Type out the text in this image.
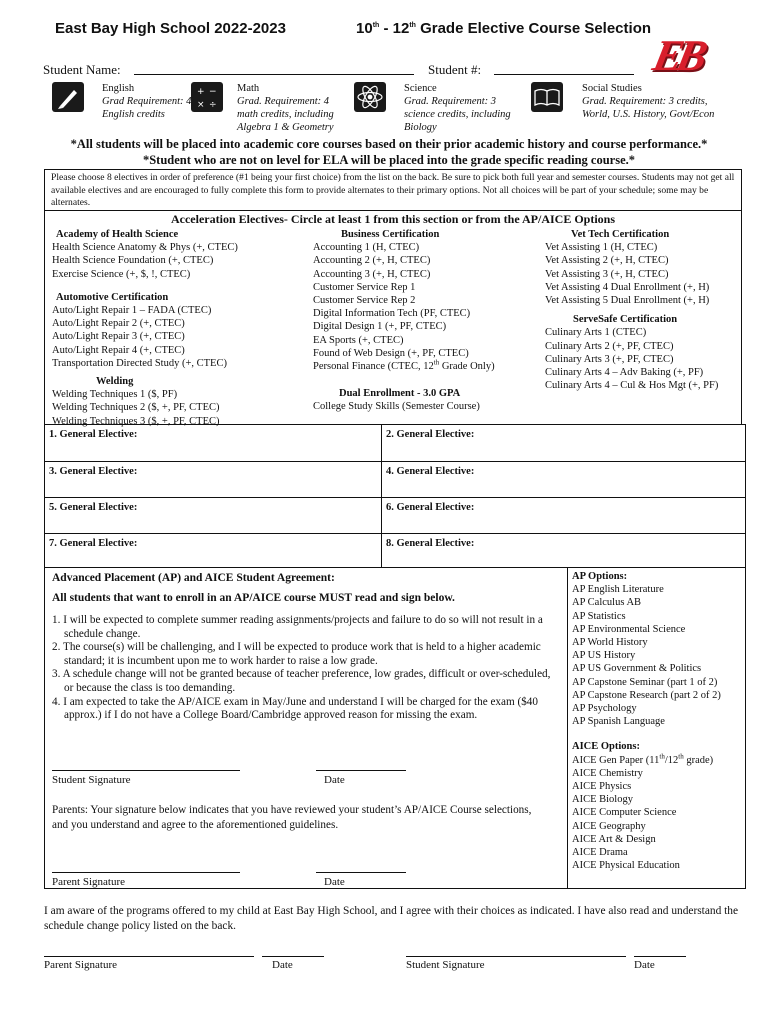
East Bay High School 2022-2023	10th - 12th Grade Elective Course Selection
EB
Student Name:	Student #:
English
Grad Requirement: 4 English credits
+ −
× ÷
Math
Grad. Requirement: 4 math credits, including Algebra 1 & Geometry
Science
Grad. Requirement: 3 science credits, including Biology
Social Studies
Grad. Requirement: 3 credits, World, U.S. History, Govt/Econ
*All students will be placed into academic core courses based on their prior academic history and course performance.*
*Student who are not on level for ELA will be placed into the grade specific reading course.*
Please choose 8 electives in order of preference (#1 being your first choice) from the list on the back. Be sure to pick both full year and semester courses. Students may not get all available electives and are encouraged to fully complete this form to provide alternates to their primary options. Not all choices will be part of your schedule; some may be alternates.
Acceleration Electives- Circle at least 1 from this section or from the AP/AICE Options
Academy of Health Science
Health Science Anatomy & Phys (+, CTEC)
Health Science Foundation (+, CTEC)
Exercise Science (+, $, !, CTEC)
Automotive Certification
Auto/Light Repair 1 – FADA (CTEC)
Auto/Light Repair 2 (+, CTEC)
Auto/Light Repair 3 (+, CTEC)
Auto/Light Repair 4 (+, CTEC)
Transportation Directed Study (+, CTEC)
Welding
Welding Techniques 1 ($, PF)
Welding Techniques 2 ($, +, PF, CTEC)
Welding Techniques 3 ($, +, PF, CTEC)
Business Certification
Accounting 1 (H, CTEC)
Accounting 2 (+, H, CTEC)
Accounting 3 (+, H, CTEC)
Customer Service Rep 1
Customer Service Rep 2
Digital Information Tech (PF, CTEC)
Digital Design 1 (+, PF, CTEC)
EA Sports (+, CTEC)
Found of Web Design (+, PF, CTEC)
Personal Finance (CTEC, 12th Grade Only)
Dual Enrollment - 3.0 GPA
College Study Skills (Semester Course)
Vet Tech Certification
Vet Assisting 1 (H, CTEC)
Vet Assisting 2 (+, H, CTEC)
Vet Assisting 3 (+, H, CTEC)
Vet Assisting 4 Dual Enrollment (+, H)
Vet Assisting 5 Dual Enrollment (+, H)
ServeSafe Certification
Culinary Arts 1 (CTEC)
Culinary Arts 2 (+, PF, CTEC)
Culinary Arts 3 (+, PF, CTEC)
Culinary Arts 4 – Adv Baking (+, PF)
Culinary Arts 4 – Cul & Hos Mgt (+, PF)
1. General Elective:	2. General Elective:
3. General Elective:	4. General Elective:
5. General Elective:	6. General Elective:
7. General Elective:	8. General Elective:
Advanced Placement (AP) and AICE Student Agreement:
All students that want to enroll in an AP/AICE course MUST read and sign below.
1. I will be expected to complete summer reading assignments/projects and failure to do so will not result in a schedule change.
2. The course(s) will be challenging, and I will be expected to produce work that is held to a higher academic standard; it is incumbent upon me to work harder to raise a low grade.
3. A schedule change will not be granted because of teacher preference, low grades, difficult or over-scheduled, or because the class is too demanding.
4. I am expected to take the AP/AICE exam in May/June and understand I will be charged for the exam ($40 approx.) if I do not have a College Board/Cambridge approved reason for missing the exam.
Student Signature	Date
Parents: Your signature below indicates that you have reviewed your student’s AP/AICE Course selections, and you understand and agree to the aforementioned guidelines.
Parent Signature	Date
AP Options:
AP English Literature
AP Calculus AB
AP Statistics
AP Environmental Science
AP World History
AP US History
AP US Government & Politics
AP Capstone Seminar (part 1 of 2)
AP Capstone Research (part 2 of 2)
AP Psychology
AP Spanish Language
AICE Options:
AICE Gen Paper (11th/12th grade)
AICE Chemistry
AICE Physics
AICE Biology
AICE Computer Science
AICE Geography
AICE Art & Design
AICE Drama
AICE Physical Education
I am aware of the programs offered to my child at East Bay High School, and I agree with their choices as indicated. I have also read and understand the schedule change policy listed on the back.
Parent Signature	Date	Student Signature	Date
